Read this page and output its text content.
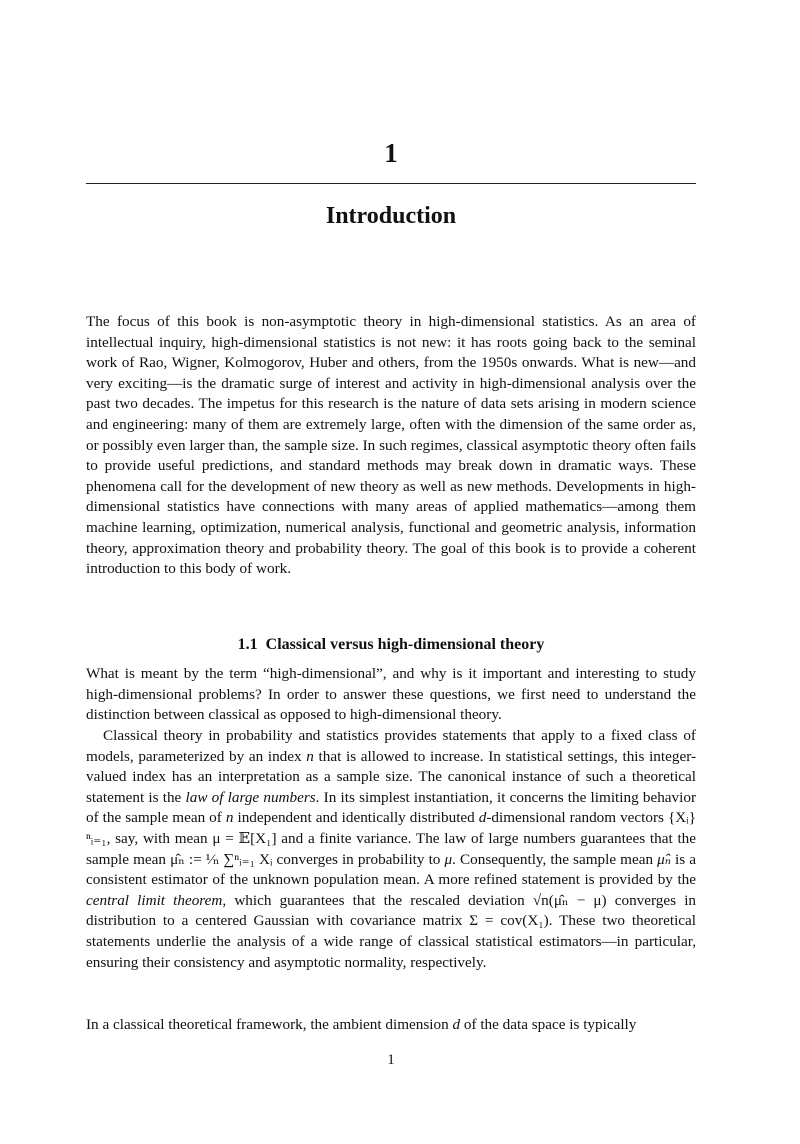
1
Introduction

The focus of this book is non-asymptotic theory in high-dimensional statistics. As an area of intellectual inquiry, high-dimensional statistics is not new: it has roots going back to the seminal work of Rao, Wigner, Kolmogorov, Huber and others, from the 1950s onwards. What is new—and very exciting—is the dramatic surge of interest and activity in high-dimensional analysis over the past two decades. The impetus for this research is the nature of data sets arising in modern science and engineering: many of them are extremely large, often with the dimension of the same order as, or possibly even larger than, the sample size. In such regimes, classical asymptotic theory often fails to provide useful predictions, and standard methods may break down in dramatic ways. These phenomena call for the development of new theory as well as new methods. Developments in high-dimensional statistics have connections with many areas of applied mathematics—among them machine learning, optimization, numerical analysis, functional and geometric analysis, information theory, approximation theory and probability theory. The goal of this book is to provide a coherent introduction to this body of work.

1.1 Classical versus high-dimensional theory

What is meant by the term “high-dimensional”, and why is it important and interesting to study high-dimensional problems? In order to answer these questions, we first need to understand the distinction between classical as opposed to high-dimensional theory.

Classical theory in probability and statistics provides statements that apply to a fixed class of models, parameterized by an index n that is allowed to increase. In statistical settings, this integer-valued index has an interpretation as a sample size. The canonical instance of such a theoretical statement is the law of large numbers. In its simplest instantiation, it concerns the limiting behavior of the sample mean of n independent and identically distributed d-dimensional random vectors {Xᵢ}ⁿᵢ₌₁, say, with mean μ = 𝔼[X₁] and a finite variance. The law of large numbers guarantees that the sample mean μ̂ₙ := ¹⁄ₙ ∑ⁿᵢ₌₁ Xᵢ converges in probability to μ. Consequently, the sample mean μ̂ₙ is a consistent estimator of the unknown population mean. A more refined statement is provided by the central limit theorem, which guarantees that the rescaled deviation √n(μ̂ₙ − μ) converges in distribution to a centered Gaussian with covariance matrix Σ = cov(X₁). These two theoretical statements underlie the analysis of a wide range of classical statistical estimators—in particular, ensuring their consistency and asymptotic normality, respectively.

In a classical theoretical framework, the ambient dimension d of the data space is typically

1
